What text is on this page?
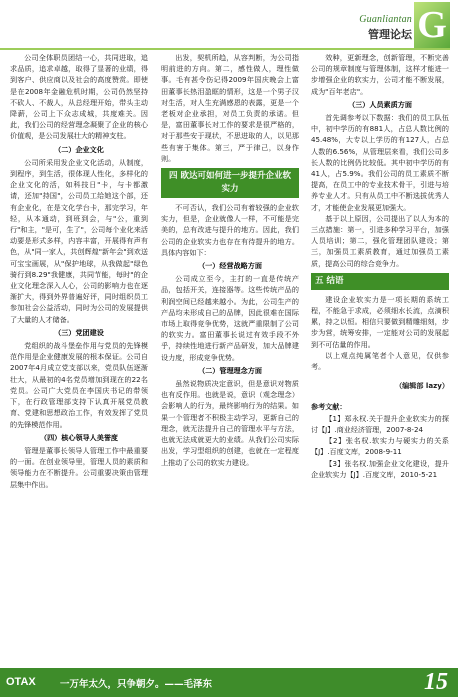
Guanliantan
管理论坛 G

公司全体职员团结一心，共同进取，追求品质，追求卓越，取得了显著的业绩，得到客户、供应商以及社会的高度赞赏。即使是在2008年金融危机时期，公司仍然坚持不砍人、不裁人，从总经理开始，带头主动降薪，公司上下众志成城，共度难关。因此，我们公司的经营理念凝聚了企业的核心价值观，是公司发展壮大的精神支柱。

（二）企业文化

公司所采用发企业文化活动，从制度，到程序，到生活，很体现人性化，多样化的企业文化的活，如科技日"卡，与卡都激请，还加"持国"，公司员工给她这个部，还有企业化，在是文化学台卡，那完学习，年轻，从本通动，到班到会，与"公，重到行"和主，"是可，生了"，公司每个业化来活动要是形式多样，内容丰富，开展得有声有色，从"同一家人，共创辉煌"新年会"到欢送可宝宝画展，从"保护地球，从我做起"绿色骑行到8.29"我健康，共同节能，每时"的企业文化理念深入人心，公司的影响力也在逐渐扩大，得到外界普遍好评，同时组织员工参加社会公益活动，同时为公司的发展提供了大量的人才储备。

（三）党团建设

党组织的战斗堡垒作用与党员的先锋模范作用是企业健康发展的根本保证。公司自2007年4月成立党支部以来，党员队伍逐渐壮大，从最初的4名党员增加到现在的22名党员。公司广大党员在李国庆书记的带领下，在行政管理部支持下认真开展党员教育、党建和思想政治工作，有效发挥了党员的先锋模范作用。

（四）核心领导人美誉度

管理是董事长领导人管理工作中最重要的一面。在创业领导里，管理人员的素质和领导能力在不断提升。公司重要决策由管理层集中作出。

出发，契机所趋，从容判断，为公司指明前进的方向。第二，感性做人，理性做事。毛有甚令伤记得2009年国庆晚会上富田董事长热泪盈眶的情形，这是一个男子汉对生活，对人生充满感恩的表露，更是一个老板对企业承担，对员工负责的承诺。但是，富田董事长对工作的要求是很严格的，对于那些安于现状，不思进取的人，以见那些有害于集体。第三，严于律己，以身作则。

四 欧达可如何进一步提升企业软实力

不可否认，我们公司有着较强的企业软实力，但是，企业就像人一样，不可能是完美的，总有改进与提升的地方。因此，我们公司的企业软实力也存在有待提升的地方。具体内容如下：

（一）经营战略方面

公司成立至今，主打的一直是传统产品，包括开关，连接器等。这些传统产品的利润空间已经越来越小。为此，公司生产的产品均未形成自己的品牌，因此很难在国际市场上取得竞争优势，这就严重限制了公司的软实力。富田董事长说过有效手段不外乎，持续性地进行新产品研发，加大品牌建设力度，形成竞争优势。

（二）管理理念方面

虽然说物质决定意识，但是意识对物质也有反作用。也就是说，意识（观念理念）会影响人的行为，最终影响行为的结果。如果一个管理者不积极主动学习，更新自己的理念，就无法提升自己的管理水平与方法，也就无法成就更大的业绩。从我们公司实际出发，学习型组织的创建，也就在一定程度上推动了公司的软实力建设。

效种，更新理念，创新管理，不断完善公司的规章制度与管理体制，这样才能进一步增强企业的软实力，公司才能不断发展，成为"百年老店"。

（三）人员素质方面

首先调参考以下数据：我们的员工队伍中，初中学历的有881人，占总人数比例的45.48%，大专以上学历的有127人，占总人数的6.56%，从管理层来看，我们公司多长人数的比例仍比较低。其中初中学历的有41人，占5.9%。我们公司的员工素质不断提高，在员工中的专业技术骨干，引进与培养专业人才。只有从员工中不断选拔优秀人才，才能使企业发展更加强大。

基于以上原因，公司提出了以人为本的三点措施：第一，引进多种学习平台，加强人员培训；第二，强化管理团队建设；第三，加强员工素质教育，通过加强员工素质，提高公司的综合竞争力。

五 结语

建设企业软实力是一项长期的系统工程，不能急于求成，必须细水长流，点滴积累，持之以恒。相信只要做到精雕细刻，步步为营，统筹安排，一定能对公司的发展起到不可估量的作用。

以上观点纯属笔者个人意见，仅供参考。

（编辑部 lazy）
参考文献：

【1】郑永权.关于提升企业软实力的探讨【J】.商业经济管理，2007-8-24

【2】张名权.软实力与硬实力的关系【J】.百度文库，2008-9-11

【3】张名权.加强企业文化建设，提升企业软实力【J】.百度文库，2010-5-21

OTAX	一万年太久，只争朝夕。——毛泽东	15
